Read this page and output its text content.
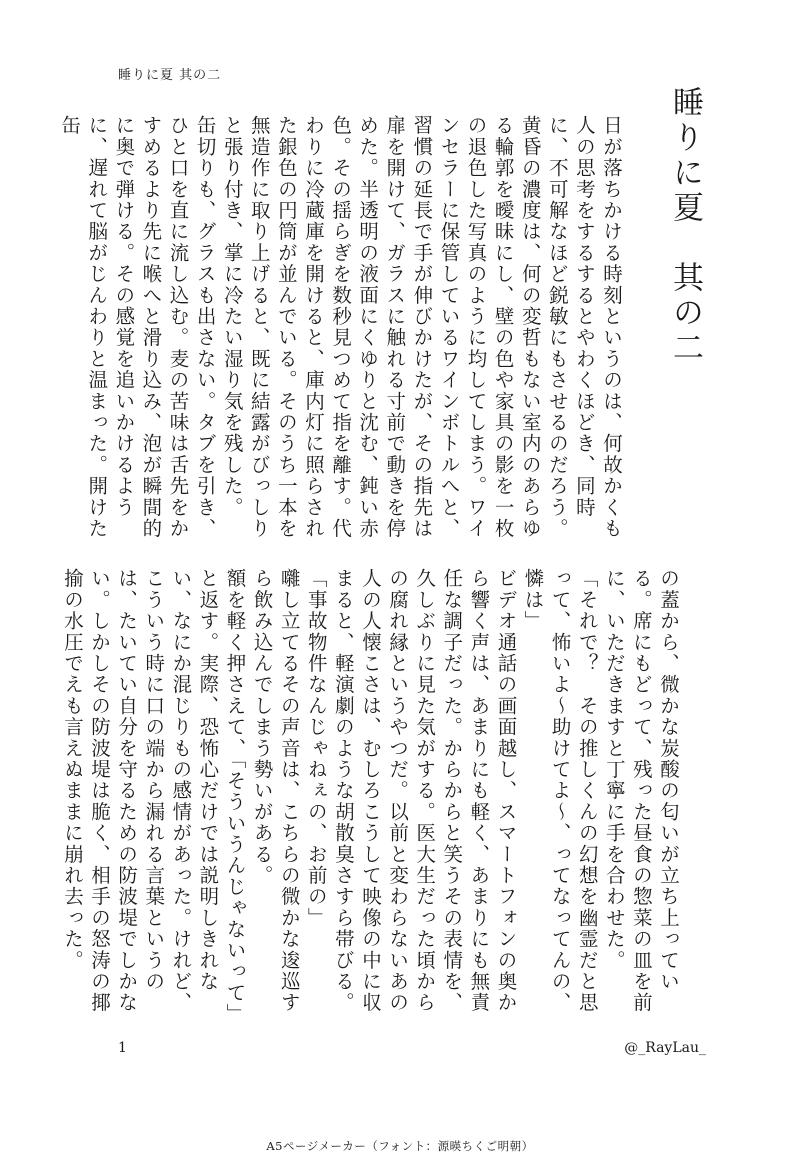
睡りに夏 其の二
睡りに夏　其の二

日が落ちかける時刻というのは、何故かくも人の思考をするするとやわくほどき、同時に、不可解なほど鋭敏にもさせるのだろう。

黄昏の濃度は、何の変哲もない室内のあらゆる輪郭を曖昧にし、壁の色や家具の影を一枚の退色した写真のように均してしまう。ワインセラーに保管しているワインボトルへと、習慣の延長で手が伸びかけたが、その指先は扉を開けて、ガラスに触れる寸前で動きを停めた。半透明の液面にくゆりと沈む、鈍い赤色。その揺らぎを数秒見つめて指を離す。代わりに冷蔵庫を開けると、庫内灯に照らされた銀色の円筒が並んでいる。そのうち一本を無造作に取り上げると、既に結露がびっしりと張り付き、掌に冷たい湿り気を残した。

缶切りも、グラスも出さない。タブを引き、ひと口を直に流し込む。麦の苦味は舌先をかすめるより先に喉へと滑り込み、泡が瞬間的に奥で弾ける。その感覚を追いかけるように、遅れて脳がじんわりと温まった。開けた缶

の蓋から、微かな炭酸の匂いが立ち上っている。席にもどって、残った昼食の惣菜の皿を前に、いただきますと丁寧に手を合わせた。

「それで？　その推しくんの幻想を幽霊だと思って、怖いよ〜助けてよ〜、ってなってんの、憐は」

ビデオ通話の画面越し、スマートフォンの奥から響く声は、あまりにも軽く、あまりにも無責任な調子だった。からからと笑うその表情を、久しぶりに見た気がする。医大生だった頃からの腐れ縁というやつだ。以前と変わらないあの人の人懐こさは、むしろこうして映像の中に収まると、軽演劇のような胡散臭さすら帯びる。

「事故物件なんじゃねぇの、お前の」

囃し立てるその声音は、こちらの微かな逡巡すら飲み込んでしまう勢いがある。

額を軽く押さえて、「そういうんじゃないって」と返す。実際、恐怖心だけでは説明しきれない、なにか混じりもの感情があった。けれど、こういう時に口の端から漏れる言葉というのは、たいてい自分を守るための防波堤でしかない。しかしその防波堤は脆く、相手の怒涛の揶揄の水圧でえも言えぬままに崩れ去った。

1	@_RayLau_
A5ページメーカー（フォント：源暎ちくご明朝）
